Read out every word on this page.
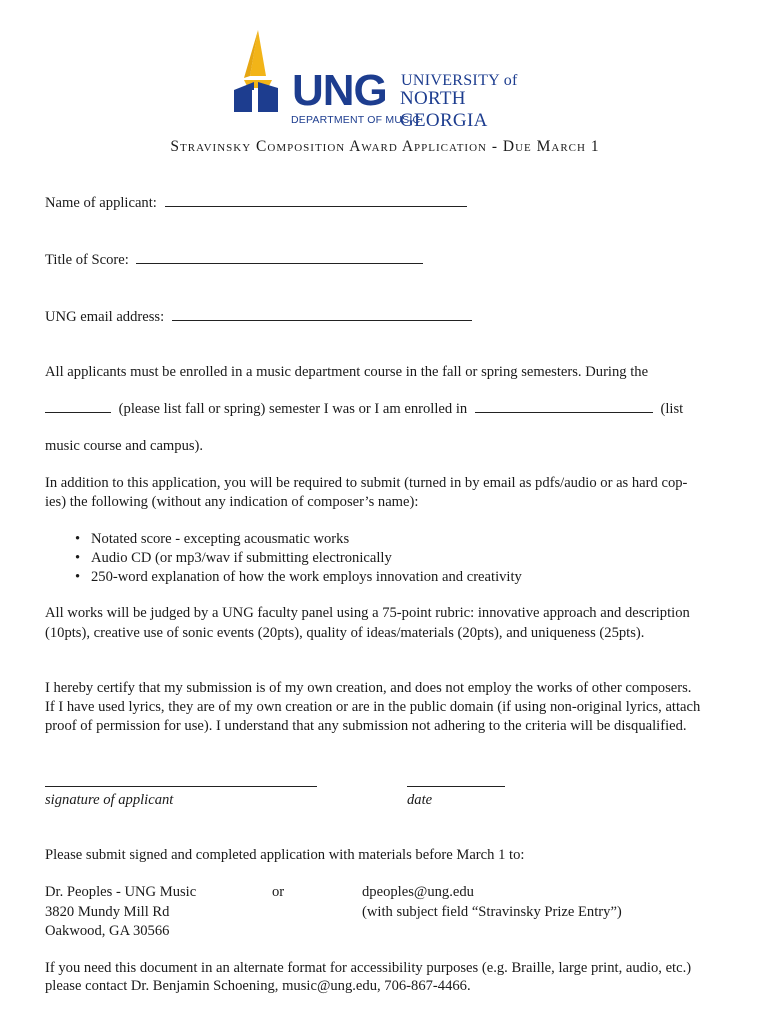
UNG UNIVERSITY of
NORTH GEORGIA
DEPARTMENT OF MUSIC
Stravinsky Composition Award Application - Due March 1
Name of applicant:
Title of Score:
UNG email address:
All applicants must be enrolled in a music department course in the fall or spring semesters. During the
(please list fall or spring) semester I was or I am enrolled in	(list
music course and campus).
In addition to this application, you will be required to submit (turned in by email as pdfs/audio or as hard cop-
ies) the following (without any indication of composer’s name):
• Notated score - excepting acousmatic works
• Audio CD (or mp3/wav if submitting electronically
• 250-word explanation of how the work employs innovation and creativity
All works will be judged by a UNG faculty panel using a 75-point rubric: innovative approach and description
(10pts), creative use of sonic events (20pts), quality of ideas/materials (20pts), and uniqueness (25pts).
I hereby certify that my submission is of my own creation, and does not employ the works of other composers.
If I have used lyrics, they are of my own creation or are in the public domain (if using non-original lyrics, attach
proof of permission for use). I understand that any submission not adhering to the criteria will be disqualified.
signature of applicant	date
Please submit signed and completed application with materials before March 1 to:
Dr. Peoples - UNG Music
3820 Mundy Mill Rd
Oakwood, GA 30566
or	dpeoples@ung.edu
(with subject field “Stravinsky Prize Entry”)
If you need this document in an alternate format for accessibility purposes (e.g. Braille, large print, audio, etc.)
please contact Dr. Benjamin Schoening, music@ung.edu, 706-867-4466.
